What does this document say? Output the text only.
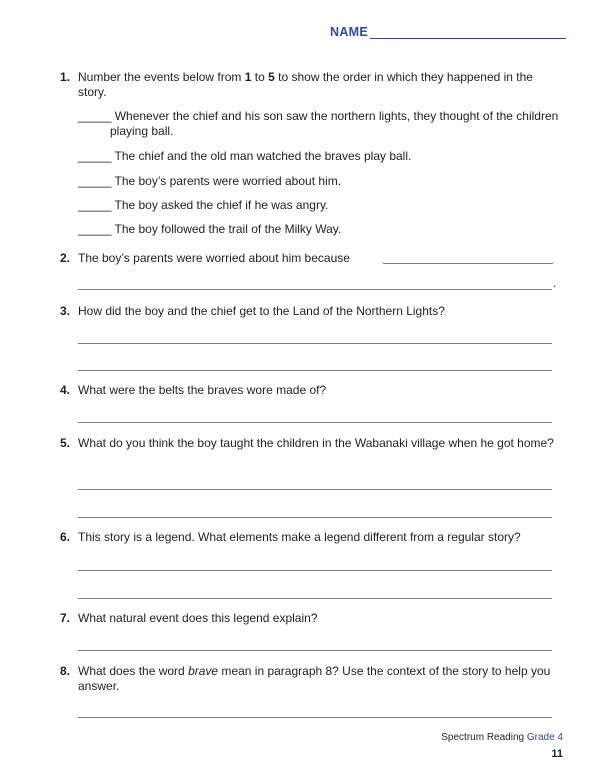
NAME
1. Number the events below from 1 to 5 to show the order in which they happened in the story.
_____ Whenever the chief and his son saw the northern lights, they thought of the children playing ball.
_____ The chief and the old man watched the braves play ball.
_____ The boy’s parents were worried about him.
_____ The boy asked the chief if he was angry.
_____ The boy followed the trail of the Milky Way.
2. The boy’s parents were worried about him because
.
3. How did the boy and the chief get to the Land of the Northern Lights?
4. What were the belts the braves wore made of?
5. What do you think the boy taught the children in the Wabanaki village when he got home?
6. This story is a legend. What elements make a legend different from a regular story?
7. What natural event does this legend explain?
8. What does the word brave mean in paragraph 8? Use the context of the story to help you answer.
Spectrum Reading Grade 4
11
